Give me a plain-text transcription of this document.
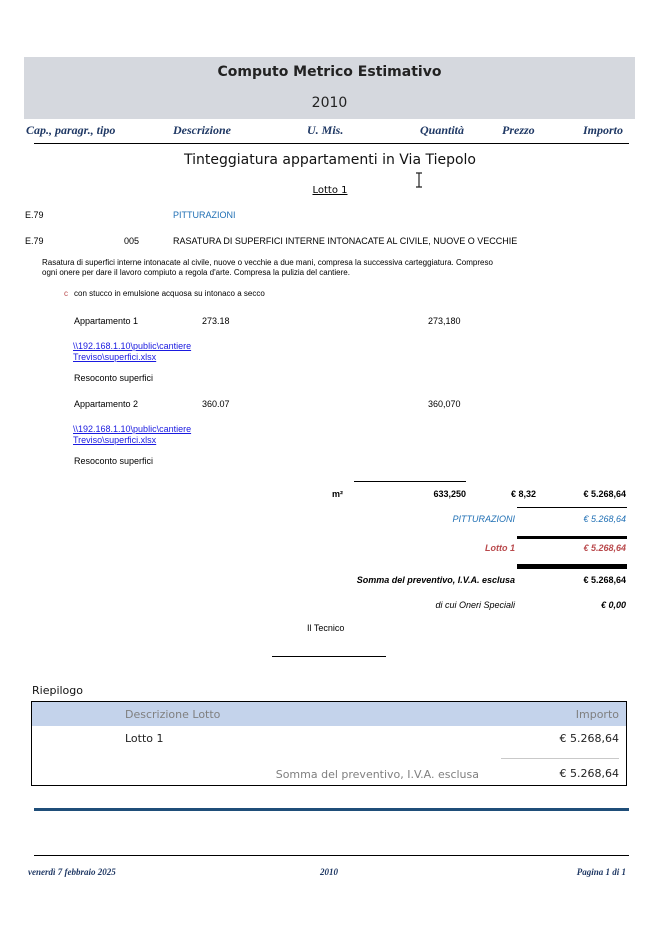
Computo Metrico Estimativo
2010
Cap., paragr., tipo	Descrizione	U. Mis.	Quantità	Prezzo	Importo
Tinteggiatura appartamenti in Via Tiepolo
Lotto 1
E.79	PITTURAZIONI
E.79	005	RASATURA DI SUPERFICI INTERNE INTONACATE AL CIVILE, NUOVE O VECCHIE
Rasatura di superfici interne intonacate al civile, nuove o vecchie a due mani, compresa la successiva carteggiatura. Compreso
ogni onere per dare il lavoro compiuto a regola d'arte. Compresa la pulizia del cantiere.
c con stucco in emulsione acquosa su intonaco a secco
Appartamento 1	273.18	273,180
\\192.168.1.10\public\cantiere
Treviso\superfici.xlsx
Resoconto superfici
Appartamento 2	360.07	360,070
\\192.168.1.10\public\cantiere
Treviso\superfici.xlsx
Resoconto superfici
m²	633,250	€ 8,32	€ 5.268,64
PITTURAZIONI	€ 5.268,64
Lotto 1	€ 5.268,64
Somma del preventivo, I.V.A. esclusa	€ 5.268,64
di cui Oneri Speciali	€ 0,00
Il Tecnico
Riepilogo
Descrizione Lotto	Importo
Lotto 1	€ 5.268,64
Somma del preventivo, I.V.A. esclusa	€ 5.268,64
venerdì 7 febbraio 2025	2010	Pagina 1 di 1
